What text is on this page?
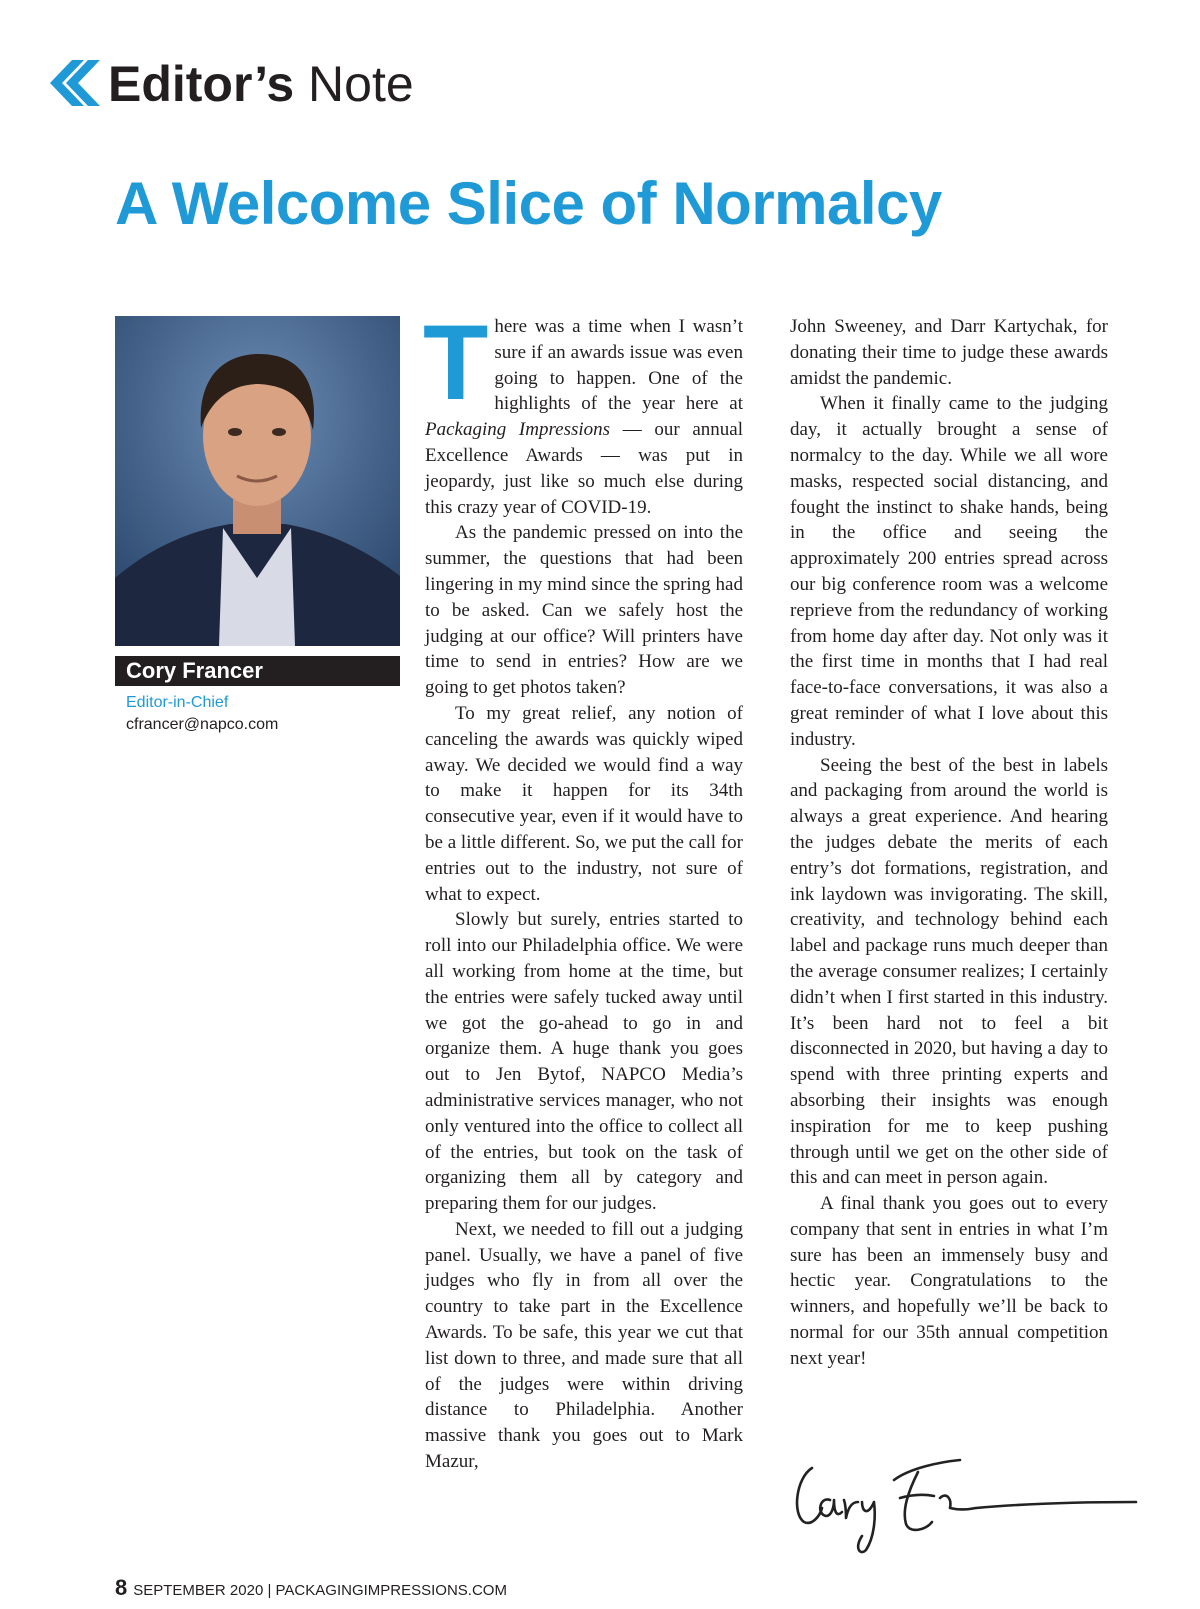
Editor’s Note
A Welcome Slice of Normalcy
Cory Francer
Editor-in-Chief
cfrancer@napco.com

There was a time when I wasn’t sure if an awards issue was even going to happen. One of the highlights of the year here at Packaging Impressions — our annual Excellence Awards — was put in jeopardy, just like so much else during this crazy year of COVID-19.

As the pandemic pressed on into the summer, the questions that had been lingering in my mind since the spring had to be asked. Can we safely host the judging at our office? Will printers have time to send in entries? How are we going to get photos taken?

To my great relief, any notion of canceling the awards was quickly wiped away. We decided we would find a way to make it happen for its 34th consecutive year, even if it would have to be a little different. So, we put the call for entries out to the industry, not sure of what to expect.

Slowly but surely, entries started to roll into our Philadelphia office. We were all working from home at the time, but the entries were safely tucked away until we got the go-ahead to go in and organize them. A huge thank you goes out to Jen Bytof, NAPCO Media’s administrative services manager, who not only ventured into the office to collect all of the entries, but took on the task of organizing them all by category and preparing them for our judges.

Next, we needed to fill out a judging panel. Usually, we have a panel of five judges who fly in from all over the country to take part in the Excellence Awards. To be safe, this year we cut that list down to three, and made sure that all of the judges were within driving distance to Philadelphia. Another massive thank you goes out to Mark Mazur,

John Sweeney, and Darr Kartychak, for donating their time to judge these awards amidst the pandemic.

When it finally came to the judging day, it actually brought a sense of normalcy to the day. While we all wore masks, respected social distancing, and fought the instinct to shake hands, being in the office and seeing the approximately 200 entries spread across our big conference room was a welcome reprieve from the redundancy of working from home day after day. Not only was it the first time in months that I had real face-to-face conversations, it was also a great reminder of what I love about this industry.

Seeing the best of the best in labels and packaging from around the world is always a great experience. And hearing the judges debate the merits of each entry’s dot formations, registration, and ink laydown was invigorating. The skill, creativity, and technology behind each label and package runs much deeper than the average consumer realizes; I certainly didn’t when I first started in this industry. It’s been hard not to feel a bit disconnected in 2020, but having a day to spend with three printing experts and absorbing their insights was enough inspiration for me to keep pushing through until we get on the other side of this and can meet in person again.

A final thank you goes out to every company that sent in entries in what I’m sure has been an immensely busy and hectic year. Congratulations to the winners, and hopefully we’ll be back to normal for our 35th annual competition next year!

8 SEPTEMBER 2020 | PACKAGINGIMPRESSIONS.COM
